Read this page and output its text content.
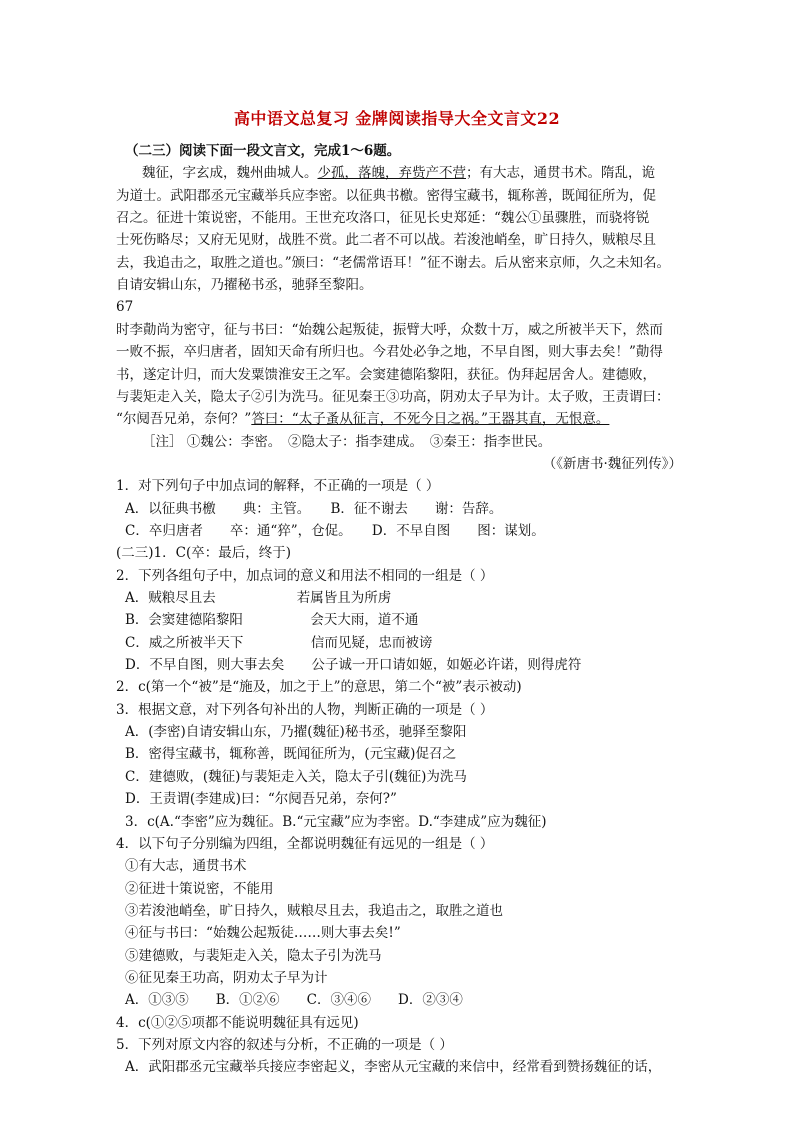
高中语文总复习 金牌阅读指导大全文言文22
（二三）阅读下面一段文言文，完成1～6题。
魏征，字玄成，魏州曲城人。少孤，落魄，弃赀产不营；有大志，通贯书术。隋乱，诡
为道士。武阳郡丞元宝藏举兵应李密。以征典书檄。密得宝藏书，辄称善，既闻征所为，促
召之。征进十策说密，不能用。王世充攻洛口，征见长史郑延：“魏公①虽骤胜，而骁将锐
士死伤略尽；又府无见财，战胜不赏。此二者不可以战。若浚池峭垒，旷日持久，贼粮尽且
去，我追击之，取胜之道也。”颁曰：“老儒常语耳！”征不谢去。后从密来京师，久之未知名。
自请安辑山东，乃擢秘书丞，驰驿至黎阳。
67
时李勣尚为密守，征与书曰：“始魏公起叛徒，振臂大呼，众数十万，威之所被半天下，然而
一败不振，卒归唐者，固知天命有所归也。今君处必争之地，不早自图，则大事去矣！”勣得
书，遂定计归，而大发粟馈淮安王之军。会窦建德陷黎阳，获征。伪拜起居舍人。建德败，
与裴矩走入关，隐太子②引为洗马。征见秦王③功高，阴劝太子早为计。太子败，王责谓曰：
“尔阋吾兄弟，奈何？”答曰：“太子蚤从征言，不死今日之祸。”王器其直，无恨意。
［注］ ①魏公：李密。　②隐太子：指李建成。　③秦王：指李世民。
（《新唐书·魏征列传》）
1．对下列句子中加点词的解释，不正确的一项是（ ）
A．以征典书檄　　典：主管。　　B．征不谢去　　谢：告辞。
C．卒归唐者　　卒：通“猝”，仓促。　　D．不早自图　　图：谋划。
(二三)1．C(卒：最后，终于)
2．下列各组句子中，加点词的意义和用法不相同的一组是（ ）
A．贼粮尽且去　　　　　　若属皆且为所虏
B．会窦建德陷黎阳　　　　　会天大雨，道不通
C．威之所被半天下　　　　　信而见疑，忠而被谤
D．不早自图，则大事去矣　　公子诚一开口请如姬，如姬必许诺，则得虎符
2．c(第一个“被”是“施及，加之于上”的意思，第二个“被”表示被动)
3．根据文意，对下列各句补出的人物，判断正确的一项是（ ）
A．(李密)自请安辑山东，乃擢(魏征)秘书丞，驰驿至黎阳
B．密得宝藏书，辄称善，既闻征所为，(元宝藏)促召之
C．建德败，(魏征)与裴矩走入关，隐太子引(魏征)为洗马
D．王责谓(李建成)曰：“尔阋吾兄弟，奈何?”
3．c(A.“李密”应为魏征。B.“元宝藏”应为李密。D.“李建成”应为魏征)
4．以下句子分别编为四组，全都说明魏征有远见的一组是（ ）
①有大志，通贯书术
②征进十策说密，不能用
③若浚池峭垒，旷日持久，贼粮尽且去，我追击之，取胜之道也
④征与书曰：“始魏公起叛徒……则大事去矣!”
⑤建德败，与裴矩走入关，隐太子引为洗马
⑥征见秦王功高，阴劝太子早为计
A．①③⑤　　B．①②⑥　　C．③④⑥　　D．②③④
4．c(①②⑤项都不能说明魏征具有远见)
5．下列对原文内容的叙述与分析，不正确的一项是（ ）
A．武阳郡丞元宝藏举兵接应李密起义，李密从元宝藏的来信中，经常看到赞扬魏征的话，
